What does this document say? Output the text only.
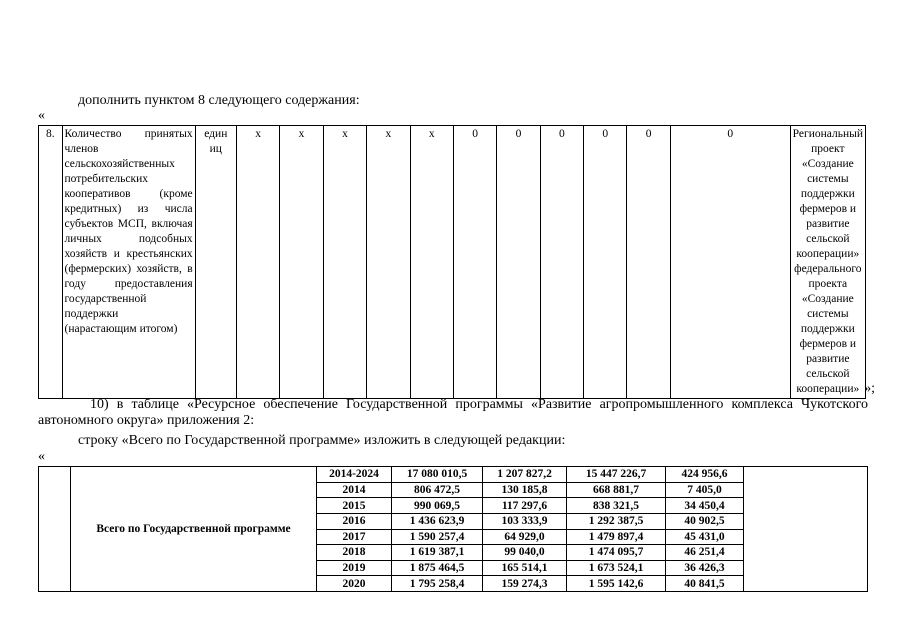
дополнить пунктом 8 следующего содержания:
«
8.	Количество принятых членов сельскохозяйственных потребительских кооперативов (кроме кредитных) из числа субъектов МСП, включая личных подсобных хозяйств и крестьянских (фермерских) хозяйств, в году предоставления государственной поддержки (нарастающим итогом)	един иц	х	х	х	х	х	0	0	0	0	0	0	Региональный проект «Создание системы поддержки фермеров и развитие сельской кооперации» федерального проекта «Создание системы поддержки фермеров и развитие сельской кооперации» »;
10) в таблице «Ресурсное обеспечение Государственной программы «Развитие агропромышленного комплекса Чукотского автономного округа» приложения 2:
строку «Всего по Государственной программе» изложить в следующей редакции:
«
	Всего по Государственной программе	2014-2024	17 080 010,5	1 207 827,2	15 447 226,7	424 956,6	
		2014	806 472,5	130 185,8	668 881,7	7 405,0	
		2015	990 069,5	117 297,6	838 321,5	34 450,4	
		2016	1 436 623,9	103 333,9	1 292 387,5	40 902,5	
		2017	1 590 257,4	64 929,0	1 479 897,4	45 431,0	
		2018	1 619 387,1	99 040,0	1 474 095,7	46 251,4	
		2019	1 875 464,5	165 514,1	1 673 524,1	36 426,3	
		2020	1 795 258,4	159 274,3	1 595 142,6	40 841,5	
